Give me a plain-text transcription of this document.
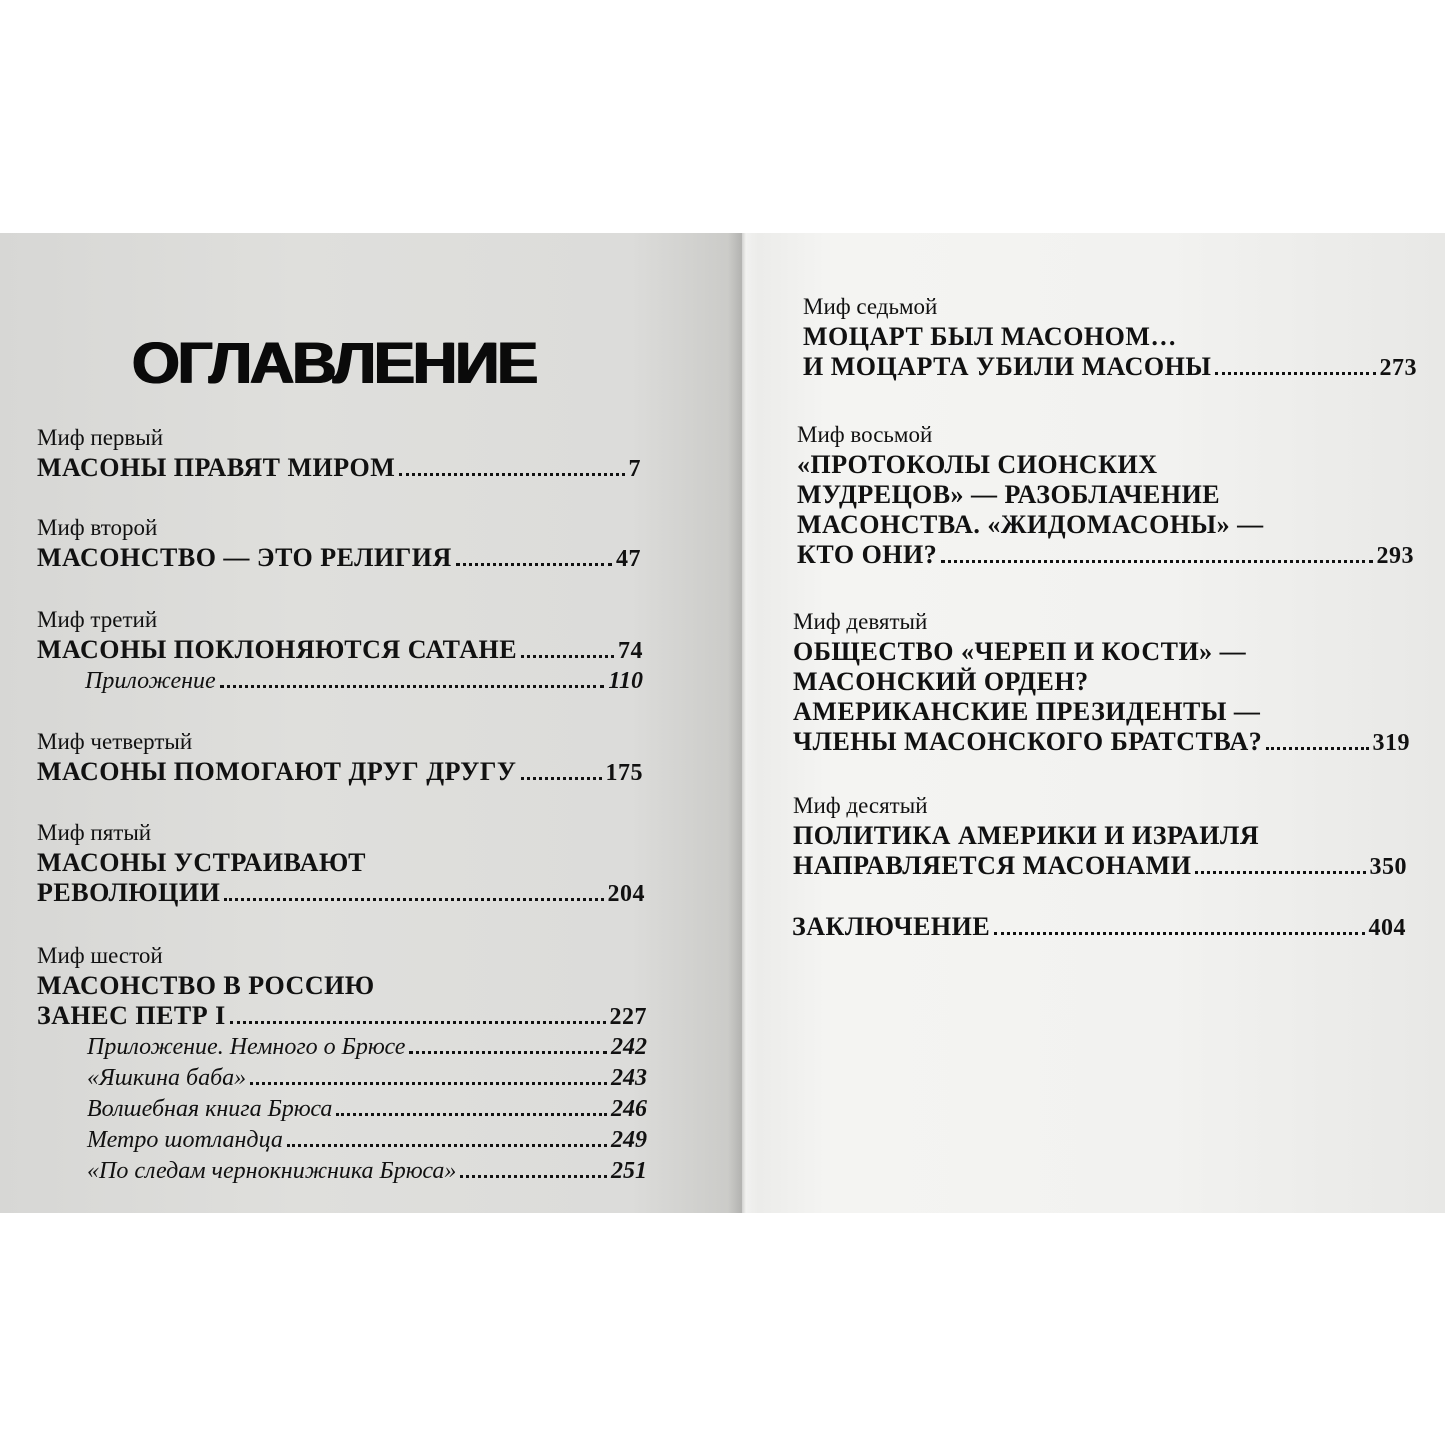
ОГЛАВЛЕНИЕ
Миф первый
МАСОНЫ ПРАВЯТ МИРОМ	7
Миф второй
МАСОНСТВО — ЭТО РЕЛИГИЯ	47
Миф третий
МАСОНЫ ПОКЛОНЯЮТСЯ САТАНЕ	74
Приложение	110
Миф четвертый
МАСОНЫ ПОМОГАЮТ ДРУГ ДРУГУ	175
Миф пятый
МАСОНЫ УСТРАИВАЮТ
РЕВОЛЮЦИИ	204
Миф шестой
МАСОНСТВО В РОССИЮ
ЗАНЕС ПЕТР I	227
Приложение. Немного о Брюсе	242
«Яшкина баба»	243
Волшебная книга Брюса	246
Метро шотландца	249
«По следам чернокнижника Брюса»	251
Миф седьмой
МОЦАРТ БЫЛ МАСОНОМ…
И МОЦАРТА УБИЛИ МАСОНЫ	273
Миф восьмой
«ПРОТОКОЛЫ СИОНСКИХ
МУДРЕЦОВ» — РАЗОБЛАЧЕНИЕ
МАСОНСТВА. «ЖИДОМАСОНЫ» —
КТО ОНИ?	293
Миф девятый
ОБЩЕСТВО «ЧЕРЕП И КОСТИ» —
МАСОНСКИЙ ОРДЕН?
АМЕРИКАНСКИЕ ПРЕЗИДЕНТЫ —
ЧЛЕНЫ МАСОНСКОГО БРАТСТВА?	319
Миф десятый
ПОЛИТИКА АМЕРИКИ И ИЗРАИЛЯ
НАПРАВЛЯЕТСЯ МАСОНАМИ	350
ЗАКЛЮЧЕНИЕ	404
